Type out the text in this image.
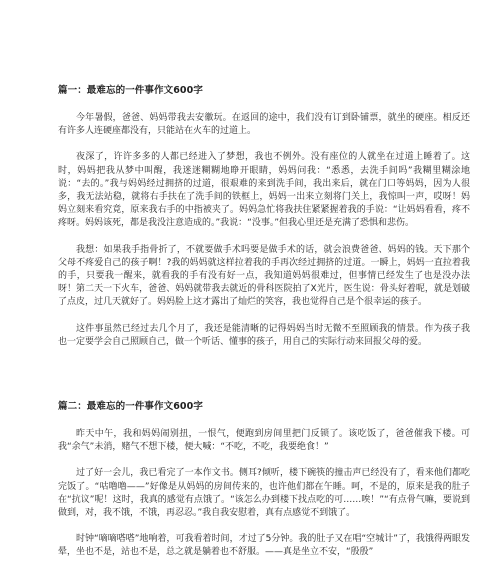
篇一：最难忘的一件事作文600字

今年暑假，爸爸、妈妈带我去安徽玩。在返回的途中，我们没有订到卧铺票，就坐的硬座。相反还有许多人连硬座都没有，只能站在火车的过道上。

夜深了，许许多多的人都已经进入了梦想，我也不例外。没有座位的人就坐在过道上睡着了。这时，妈妈把我从梦中叫醒，我迷迷糊糊地睁开眼睛，妈妈问我：“悉悉，去洗手间吗”我糊里糊涂地说：“去的。”我与妈妈经过拥挤的过道，很艰难的来到洗手间，我出来后，就在门口等妈妈，因为人很多，我无法站稳，就将右手扶在了洗手间的铁框上，妈妈一出来立刻将门关上，我惊叫一声，哎呀！妈妈立刻来看究竟，原来我右手的中指被夹了。妈妈急忙将我扶住紧紧握着我的手说：“让妈妈看看，疼不疼呀。妈妈该死，都是我没注意造成的。”我说：“没事。”但我心里还是充满了恐惧和悲伤。

我想：如果我手指骨折了，不就要做手术吗要是做手术的话，就会浪费爸爸、妈妈的钱。天下那个父母不疼爱自己的孩子啊！?我的妈妈就这样拉着我的手再次经过拥挤的过道。一瞬上，妈妈一直拉着我的手，只要我一醒来，就看我的手有没有好一点，我知道妈妈很难过，但事情已经发生了也是没办法呀！第二天一下火车，爸爸、妈妈就带我去就近的骨科医院拍了X光片，医生说：骨头好着呢，就是划破了点皮，过几天就好了。妈妈脸上这才露出了灿烂的笑容，我也觉得自己是个很幸运的孩子。

这件事虽然已经过去几个月了，我还是能清晰的记得妈妈当时无微不至照顾我的情景。作为孩子我也一定要学会自己照顾自己，做一个听话、懂事的孩子，用自己的实际行动来回报父母的爱。

篇二：最难忘的一件事作文600字

昨天中午，我和妈妈闹别扭，一恨气，便跑到房间里把门反锁了。该吃饭了，爸爸催我下楼。可我“余气”未消，赌气不想下楼，便大喊：“不吃，不吃，我要绝食！”

过了好一会儿，我已看完了一本作文书。侧耳?倾听，楼下碗筷的撞击声已经没有了，看来他们都吃完饭了。“咕噜噜——”好像是从妈妈的房间传来的，也许他们都在午睡。呵，不是的，原来是我的肚子在“抗议”呢！这时，我真的感觉有点饿了。“该怎么办到楼下找点吃的可……唉！”“有点骨气嘛，要说到做到，对，我不饿，不饿，再忍忍。”我自我安慰着，真有点感觉不到饿了。

时钟“嘀嘀嗒嗒”地响着，可我看着时间，才过了5分钟。我的肚子又在唱“空城计”了，我饿得两眼发晕，坐也不是，站也不是，总之就是躺着也不舒服。——真是坐立不安，“殷殷”
